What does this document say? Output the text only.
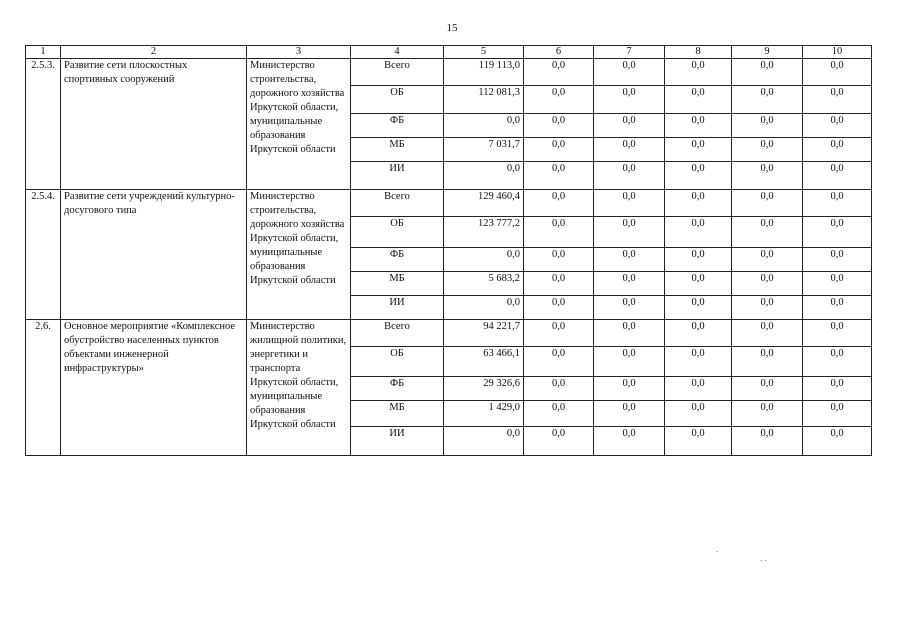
15
1	2	3	4	5	6	7	8	9	10
2.5.3.	Развитие сети плоскостных спортивных сооружений	Министерство строительства, дорожного хозяйства Иркутской области, муниципальные образования Иркутской области	Всего	119 113,0	0,0	0,0	0,0	0,0	0,0
			ОБ	112 081,3	0,0	0,0	0,0	0,0	0,0
			ФБ	0,0	0,0	0,0	0,0	0,0	0,0
			МБ	7 031,7	0,0	0,0	0,0	0,0	0,0
			ИИ	0,0	0,0	0,0	0,0	0,0	0,0
2.5.4.	Развитие сети учреждений культурно-досугового типа	Министерство строительства, дорожного хозяйства Иркутской области, муниципальные образования Иркутской области	Всего	129 460,4	0,0	0,0	0,0	0,0	0,0
			ОБ	123 777,2	0,0	0,0	0,0	0,0	0,0
			ФБ	0,0	0,0	0,0	0,0	0,0	0,0
			МБ	5 683,2	0,0	0,0	0,0	0,0	0,0
			ИИ	0,0	0,0	0,0	0,0	0,0	0,0
2.6.	Основное мероприятие «Комплексное обустройство населенных пунктов объектами инженерной инфраструктуры»	Министерство жилищной политики, энергетики и транспорта Иркутской области, муниципальные образования Иркутской области	Всего	94 221,7	0,0	0,0	0,0	0,0	0,0
			ОБ	63 466,1	0,0	0,0	0,0	0,0	0,0
			ФБ	29 326,6	0,0	0,0	0,0	0,0	0,0
			МБ	1 429,0	0,0	0,0	0,0	0,0	0,0
			ИИ	0,0	0,0	0,0	0,0	0,0	0,0
.
. .
